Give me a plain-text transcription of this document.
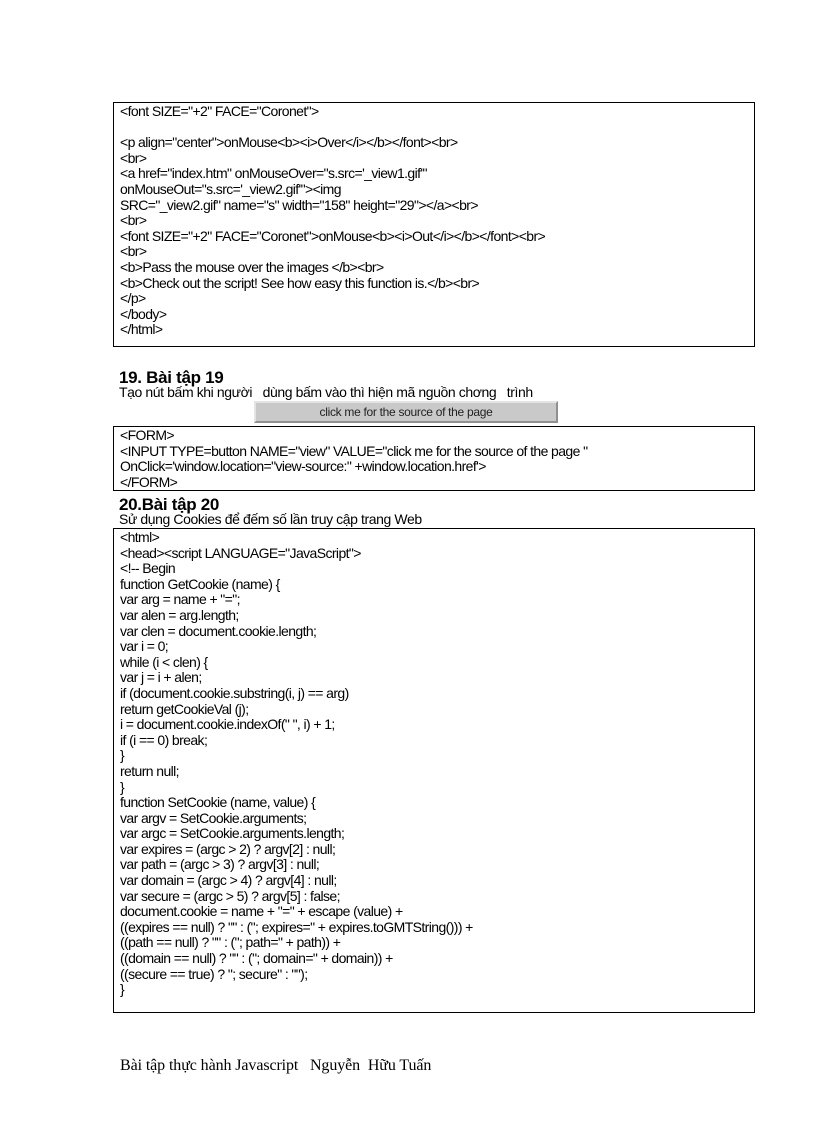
<font SIZE="+2" FACE="Coronet">
<p align="center">onMouse<b><i>Over</i></b></font><br>
<br>
<a href="index.htm" onMouseOver="s.src='_view1.gif'"
onMouseOut="s.src='_view2.gif'"><img
SRC="_view2.gif" name="s" width="158" height="29"></a><br>
<br>
<font SIZE="+2" FACE="Coronet">onMouse<b><i>Out</i></b></font><br>
<br>
<b>Pass the mouse over the images </b><br>
<b>Check out the script! See how easy this function is.</b><br>
</p>
</body>
</html>
19. Bài tập 19
Tạo nút bấm khi người   dùng bấm vào thì hiện mã nguồn chơng   trình
click me for the source of the page
<FORM>
<INPUT TYPE=button NAME="view" VALUE="click me for the source of the page "
OnClick='window.location="view-source:" +window.location.href'>
</FORM>
20.Bài tập 20
Sử dụng Cookies để đếm số lần truy cập trang Web
<html>
<head><script LANGUAGE="JavaScript">
<!-- Begin
function GetCookie (name) {
var arg = name + "=";
var alen = arg.length;
var clen = document.cookie.length;
var i = 0;
while (i < clen) {
var j = i + alen;
if (document.cookie.substring(i, j) == arg)
return getCookieVal (j);
i = document.cookie.indexOf(" ", i) + 1;
if (i == 0) break;
}
return null;
}
function SetCookie (name, value) {
var argv = SetCookie.arguments;
var argc = SetCookie.arguments.length;
var expires = (argc > 2) ? argv[2] : null;
var path = (argc > 3) ? argv[3] : null;
var domain = (argc > 4) ? argv[4] : null;
var secure = (argc > 5) ? argv[5] : false;
document.cookie = name + "=" + escape (value) +
((expires == null) ? "" : ("; expires=" + expires.toGMTString())) +
((path == null) ? "" : ("; path=" + path)) +
((domain == null) ? "" : ("; domain=" + domain)) +
((secure == true) ? "; secure" : "");
}
Bài tập thực hành Javascript   Nguyễn  Hữu Tuấn
